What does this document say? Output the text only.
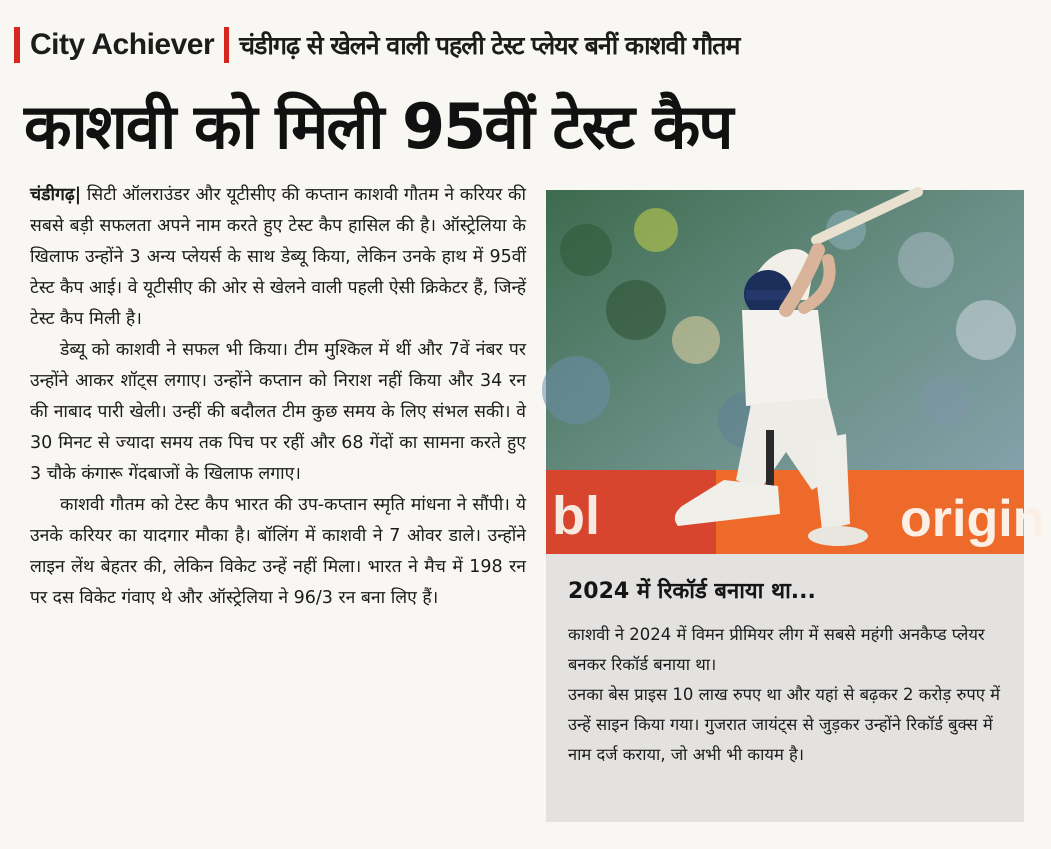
City Achiever चंडीगढ़ से खेलने वाली पहली टेस्ट प्लेयर बनीं काशवी गौतम
काशवी को मिली 95वीं टेस्ट कैप

चंडीगढ़| सिटी ऑलराउंडर और यूटीसीए की कप्तान काशवी गौतम ने करियर की सबसे बड़ी सफलता अपने नाम करते हुए टेस्ट कैप हासिल की है। ऑस्ट्रेलिया के खिलाफ उन्होंने 3 अन्य प्लेयर्स के साथ डेब्यू किया, लेकिन उनके हाथ में 95वीं टेस्ट कैप आई। वे यूटीसीए की ओर से खेलने वाली पहली ऐसी क्रिकेटर हैं, जिन्हें टेस्ट कैप मिली है।

डेब्यू को काशवी ने सफल भी किया। टीम मुश्किल में थीं और 7वें नंबर पर उन्होंने आकर शॉट्स लगाए। उन्होंने कप्तान को निराश नहीं किया और 34 रन की नाबाद पारी खेली। उन्हीं की बदौलत टीम कुछ समय के लिए संभल सकी। वे 30 मिनट से ज्यादा समय तक पिच पर रहीं और 68 गेंदों का सामना करते हुए 3 चौके कंगारू गेंदबाजों के खिलाफ लगाए।

काशवी गौतम को टेस्ट कैप भारत की उप-कप्तान स्मृति मांधना ने सौंपी। ये उनके करियर का यादगार मौका है। बॉलिंग में काशवी ने 7 ओवर डाले। उन्होंने लाइन लेंथ बेहतर की, लेकिन विकेट उन्हें नहीं मिला। भारत ने मैच में 198 रन पर दस विकेट गंवाए थे और ऑस्ट्रेलिया ने 96/3 रन बना लिए हैं।

bl	origin
2024 में रिकॉर्ड बनाया था...

काशवी ने 2024 में विमन प्रीमियर लीग में सबसे महंगी अनकैप्ड प्लेयर बनकर रिकॉर्ड बनाया था।

उनका बेस प्राइस 10 लाख रुपए था और यहां से बढ़कर 2 करोड़ रुपए में उन्हें साइन किया गया। गुजरात जायंट्स से जुड़कर उन्होंने रिकॉर्ड बुक्स में नाम दर्ज कराया, जो अभी भी कायम है।
